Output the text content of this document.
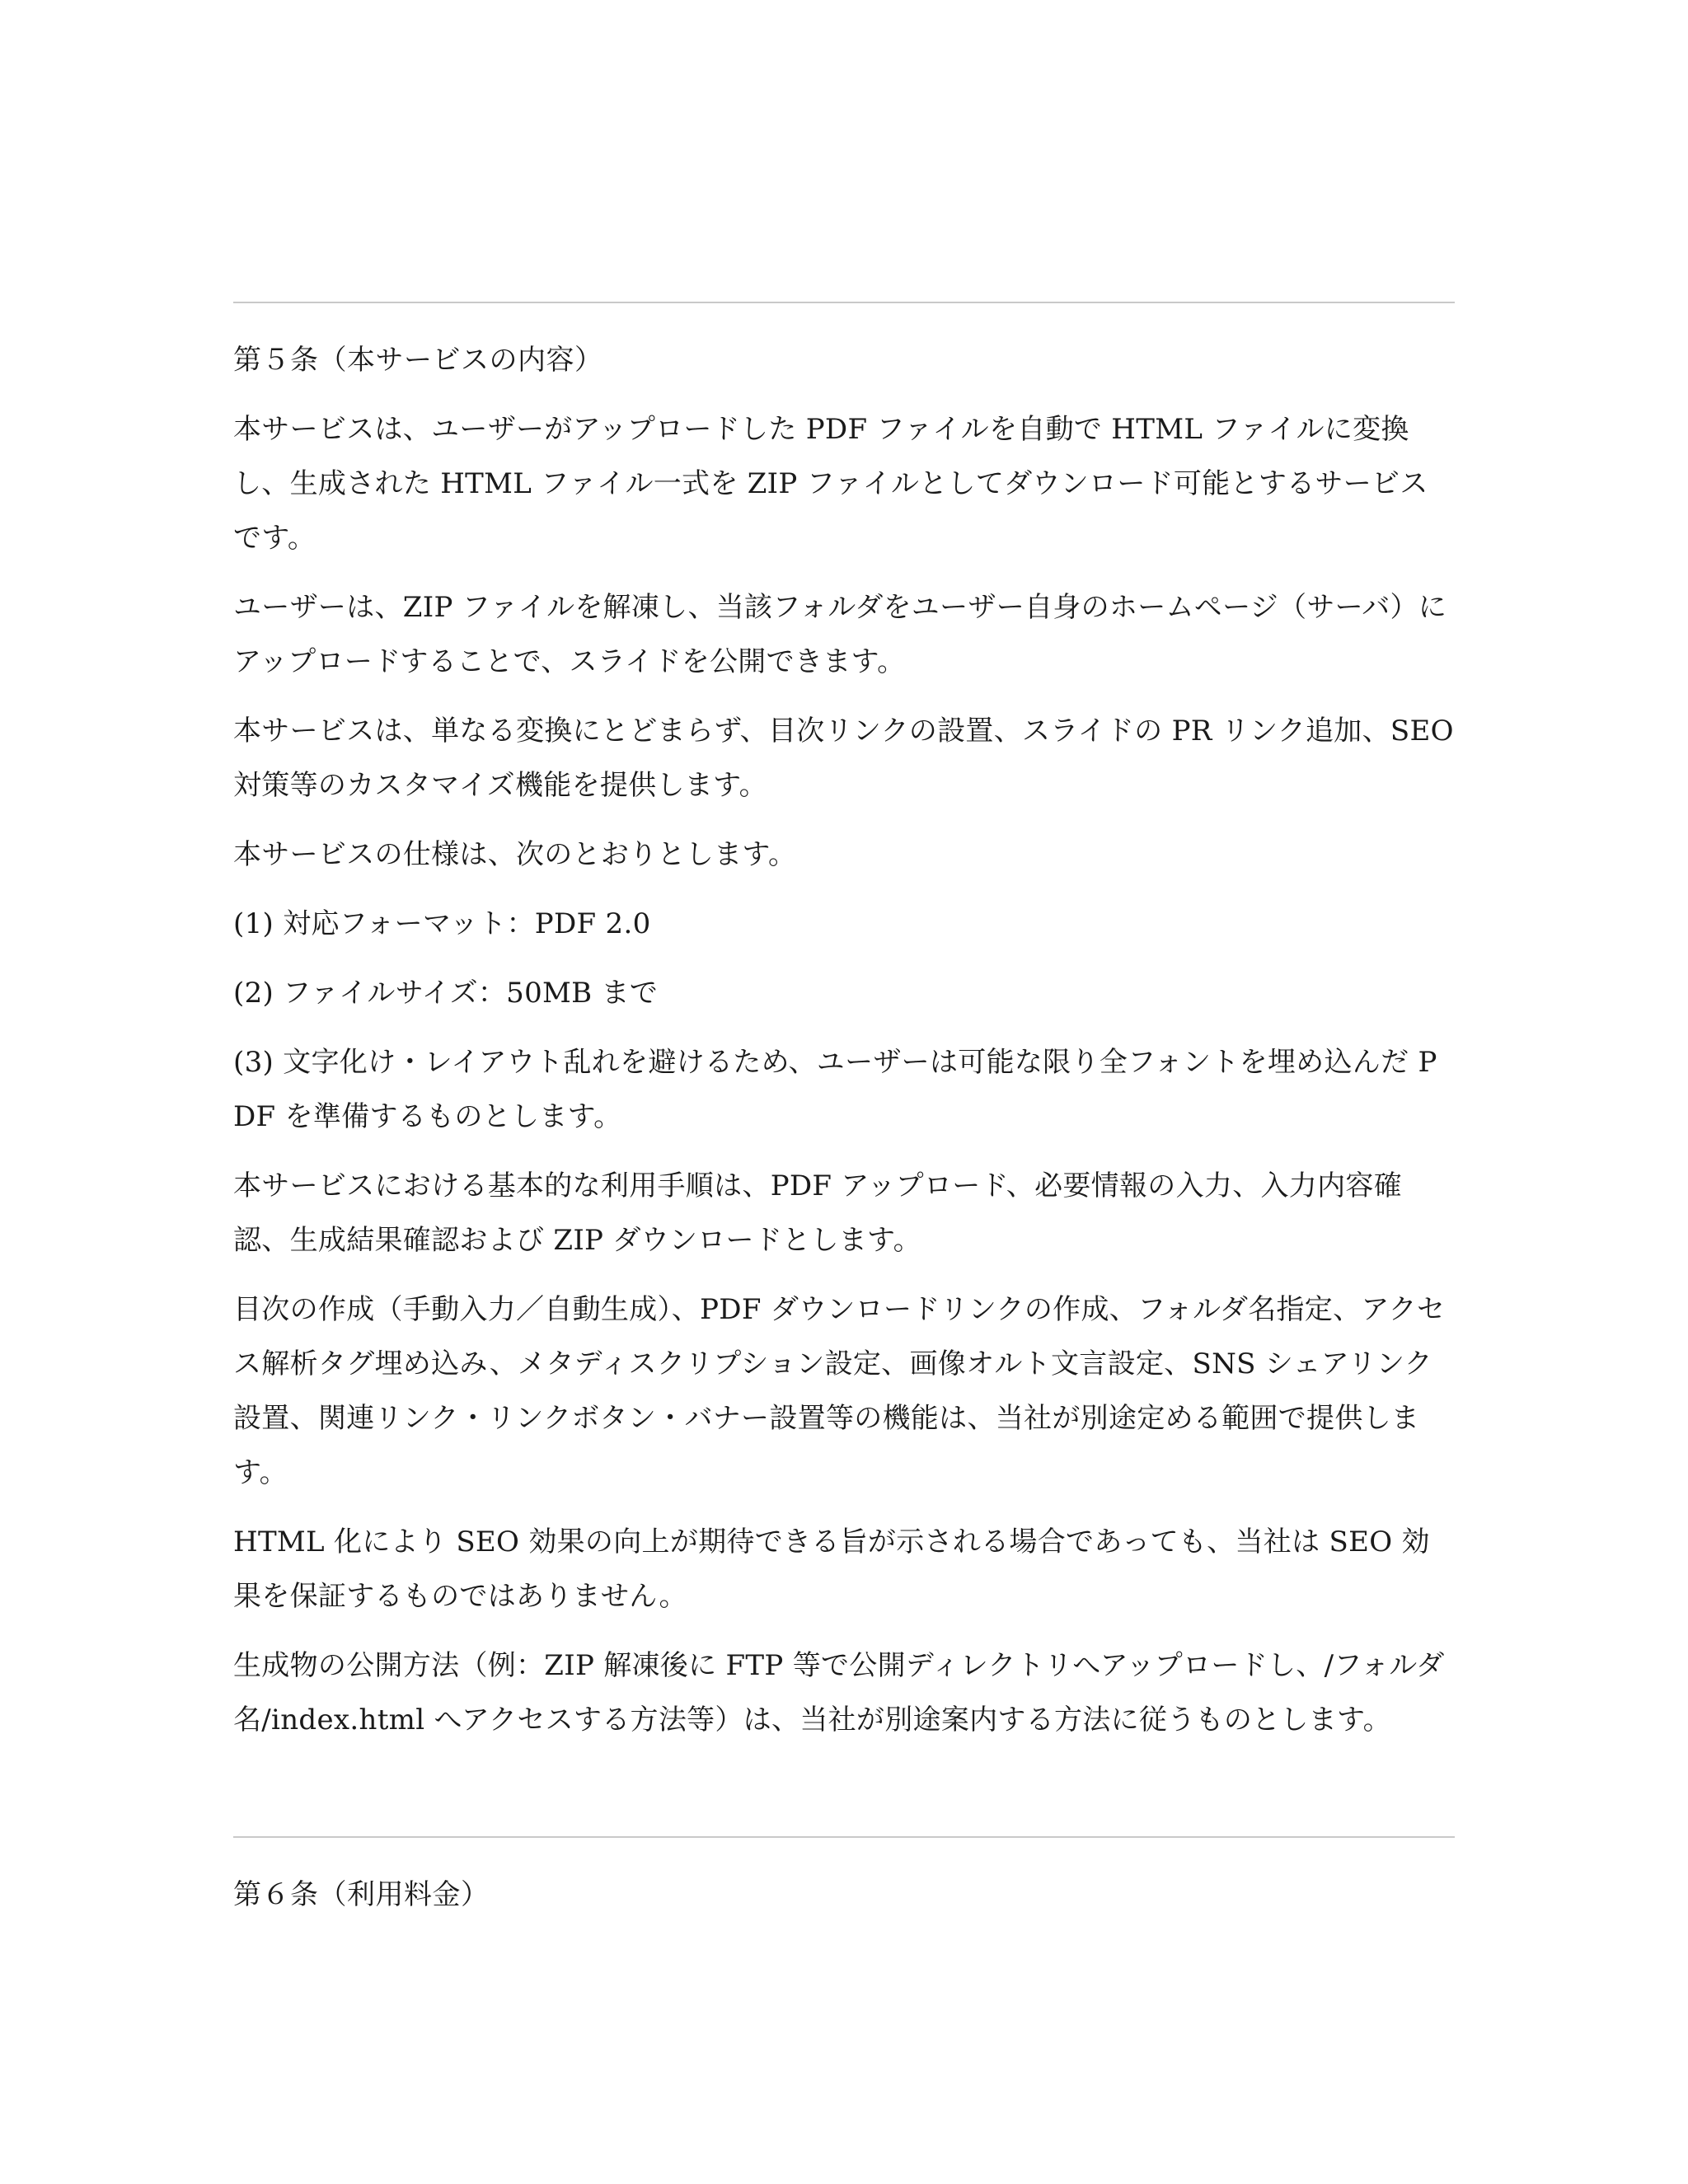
第５条（本サービスの内容）

本サービスは、ユーザーがアップロードした PDF ファイルを自動で HTML ファイルに変換し、生成された HTML ファイル一式を ZIP ファイルとしてダウンロード可能とするサービスです。

ユーザーは、ZIP ファイルを解凍し、当該フォルダをユーザー自身のホームページ（サーバ）にアップロードすることで、スライドを公開できます。

本サービスは、単なる変換にとどまらず、目次リンクの設置、スライドの PR リンク追加、SEO 対策等のカスタマイズ機能を提供します。

本サービスの仕様は、次のとおりとします。

(1) 対応フォーマット：PDF 2.0

(2) ファイルサイズ：50MB まで

(3) 文字化け・レイアウト乱れを避けるため、ユーザーは可能な限り全フォントを埋め込んだ PDF を準備するものとします。

本サービスにおける基本的な利用手順は、PDF アップロード、必要情報の入力、入力内容確認、生成結果確認および ZIP ダウンロードとします。

目次の作成（手動入力／自動生成）、PDF ダウンロードリンクの作成、フォルダ名指定、アクセス解析タグ埋め込み、メタディスクリプション設定、画像オルト文言設定、SNS シェアリンク設置、関連リンク・リンクボタン・バナー設置等の機能は、当社が別途定める範囲で提供します。

HTML 化により SEO 効果の向上が期待できる旨が示される場合であっても、当社は SEO 効果を保証するものではありません。

生成物の公開方法（例：ZIP 解凍後に FTP 等で公開ディレクトリへアップロードし、/フォルダ名/index.html へアクセスする方法等）は、当社が別途案内する方法に従うものとします。

第６条（利用料金）
